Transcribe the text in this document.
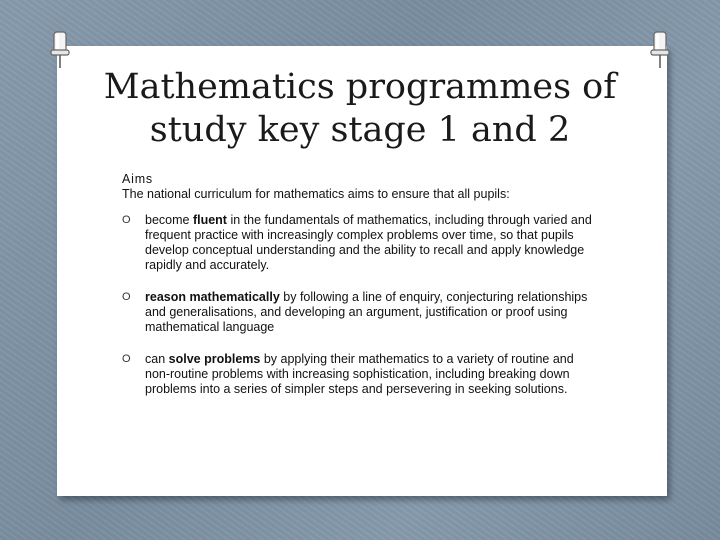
Mathematics programmes of
study key stage 1 and 2
Aims
The national curriculum for mathematics aims to ensure that all pupils:
O become fluent in the fundamentals of mathematics, including through varied and frequent practice with increasingly complex problems over time, so that pupils develop conceptual understanding and the ability to recall and apply knowledge rapidly and accurately.
O reason mathematically by following a line of enquiry, conjecturing relationships and generalisations, and developing an argument, justification or proof using mathematical language
O can solve problems by applying their mathematics to a variety of routine and non-routine problems with increasing sophistication, including breaking down problems into a series of simpler steps and persevering in seeking solutions.
